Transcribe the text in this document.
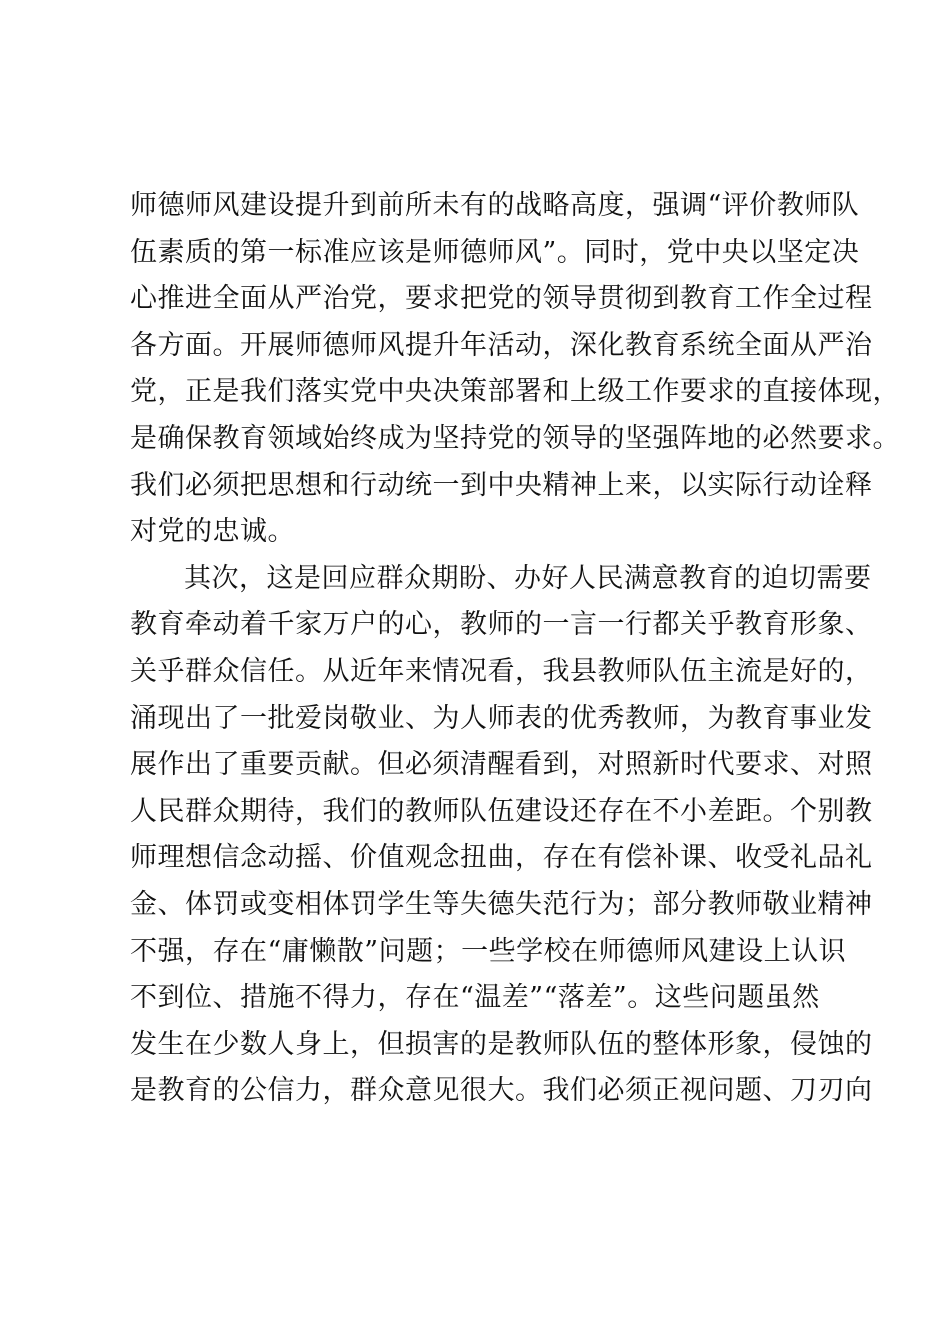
师德师风建设提升到前所未有的战略高度，强调“评价教师队
伍素质的第一标准应该是师德师风”。同时，党中央以坚定决
心推进全面从严治党，要求把党的领导贯彻到教育工作全过程
各方面。开展师德师风提升年活动，深化教育系统全面从严治
党，正是我们落实党中央决策部署和上级工作要求的直接体现，
是确保教育领域始终成为坚持党的领导的坚强阵地的必然要求。
我们必须把思想和行动统一到中央精神上来，以实际行动诠释
对党的忠诚。
其次，这是回应群众期盼、办好人民满意教育的迫切需要
教育牵动着千家万户的心，教师的一言一行都关乎教育形象、
关乎群众信任。从近年来情况看，我县教师队伍主流是好的，
涌现出了一批爱岗敬业、为人师表的优秀教师，为教育事业发
展作出了重要贡献。但必须清醒看到，对照新时代要求、对照
人民群众期待，我们的教师队伍建设还存在不小差距。个别教
师理想信念动摇、价值观念扭曲，存在有偿补课、收受礼品礼
金、体罚或变相体罚学生等失德失范行为；部分教师敬业精神
不强，存在“庸懒散”问题；一些学校在师德师风建设上认识
不到位、措施不得力，存在“温差”“落差”。这些问题虽然
发生在少数人身上，但损害的是教师队伍的整体形象，侵蚀的
是教育的公信力，群众意见很大。我们必须正视问题、刀刃向
